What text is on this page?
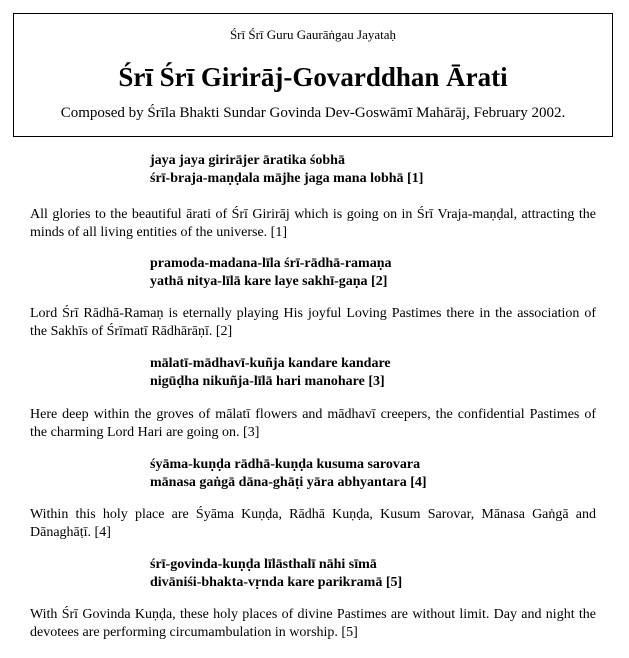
Śrī Śrī Guru Gaurāṅgau Jayataḥ
Śrī Śrī Girirāj-Govarddhan Ārati
Composed by Śrīla Bhakti Sundar Govinda Dev-Goswāmī Mahārāj, February 2002.
jaya jaya girirājer āratika śobhā
śrī-braja-maṇḍala mājhe jaga mana lobhā [1]
All glories to the beautiful ārati of Śrī Girirāj which is going on in Śrī Vraja-maṇḍal, attracting the minds of all living entities of the universe. [1]
pramoda-madana-līla śrī-rādhā-ramaṇa
yathā nitya-līlā kare laye sakhī-gaṇa [2]
Lord Śrī Rādhā-Ramaṇ is eternally playing His joyful Loving Pastimes there in the association of the Sakhīs of Śrīmatī Rādhārāṇī. [2]
mālatī-mādhavī-kuñja kandare kandare
nigūḍha nikuñja-līlā hari manohare [3]
Here deep within the groves of mālatī flowers and mādhavī creepers, the confidential Pastimes of the charming Lord Hari are going on. [3]
śyāma-kuṇḍa rādhā-kuṇḍa kusuma sarovara
mānasa gaṅgā dāna-ghāṭi yāra abhyantara [4]
Within this holy place are Śyāma Kuṇḍa, Rādhā Kuṇḍa, Kusum Sarovar, Mānasa Gaṅgā and Dānaghāṭī. [4]
śrī-govinda-kuṇḍa līlāsthalī nāhi sīmā
divāniśi-bhakta-vṛnda kare parikramā [5]
With Śrī Govinda Kuṇḍa, these holy places of divine Pastimes are without limit. Day and night the devotees are performing circumambulation in worship. [5]
